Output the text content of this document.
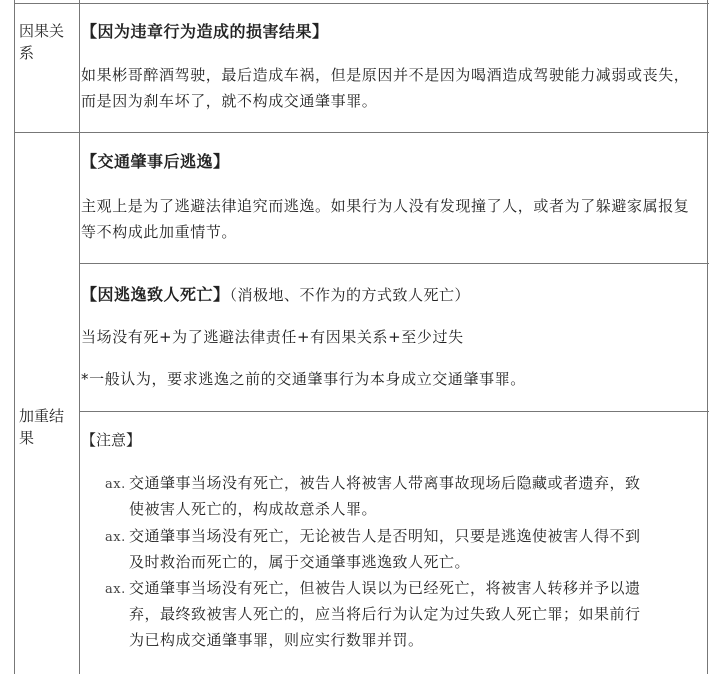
因果关系
【因为违章行为造成的损害结果】
如果彬哥醉酒驾驶，最后造成车祸，但是原因并不是因为喝酒造成驾驶能力减弱或丧失，而是因为刹车坏了，就不构成交通肇事罪。
加重结果
【交通肇事后逃逸】
主观上是为了逃避法律追究而逃逸。如果行为人没有发现撞了人，或者为了躲避家属报复等不构成此加重情节。
【因逃逸致人死亡】（消极地、不作为的方式致人死亡）
当场没有死+为了逃避法律责任+有因果关系+至少过失
*一般认为，要求逃逸之前的交通肇事行为本身成立交通肇事罪。
【注意】
ax. 交通肇事当场没有死亡，被告人将被害人带离事故现场后隐藏或者遗弃，致使被害人死亡的，构成故意杀人罪。
ax. 交通肇事当场没有死亡，无论被告人是否明知，只要是逃逸使被害人得不到及时救治而死亡的，属于交通肇事逃逸致人死亡。
ax. 交通肇事当场没有死亡，但被告人误以为已经死亡，将被害人转移并予以遗弃，最终致被害人死亡的，应当将后行为认定为过失致人死亡罪；如果前行为已构成交通肇事罪，则应实行数罪并罚。
